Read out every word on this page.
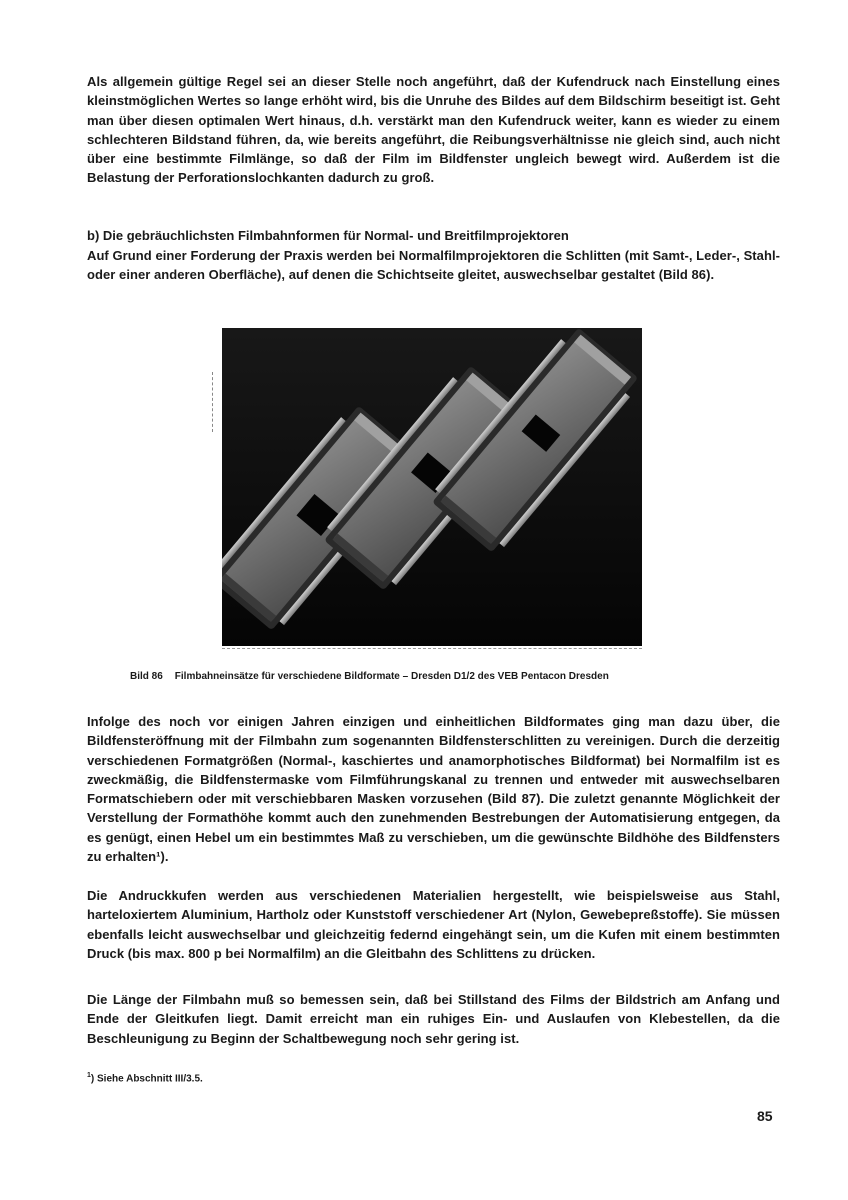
Als allgemein gültige Regel sei an dieser Stelle noch angeführt, daß der Kufendruck nach Einstellung eines kleinstmöglichen Wertes so lange erhöht wird, bis die Unruhe des Bildes auf dem Bildschirm beseitigt ist. Geht man über diesen optimalen Wert hinaus, d.h. verstärkt man den Kufendruck weiter, kann es wieder zu einem schlechteren Bildstand führen, da, wie bereits angeführt, die Reibungsverhältnisse nie gleich sind, auch nicht über eine bestimmte Filmlänge, so daß der Film im Bildfenster ungleich bewegt wird. Außerdem ist die Belastung der Perforationslochkanten dadurch zu groß.

b) Die gebräuchlichsten Filmbahnformen für Normal- und Breitfilmprojektoren

Auf Grund einer Forderung der Praxis werden bei Normalfilmprojektoren die Schlitten (mit Samt-, Leder-, Stahl- oder einer anderen Oberfläche), auf denen die Schichtseite gleitet, auswechselbar gestaltet (Bild 86).

Bild 86 Filmbahneinsätze für verschiedene Bildformate – Dresden D1/2 des VEB Pentacon Dresden

Infolge des noch vor einigen Jahren einzigen und einheitlichen Bildformates ging man dazu über, die Bildfensteröffnung mit der Filmbahn zum sogenannten Bildfensterschlitten zu vereinigen. Durch die derzeitig verschiedenen Formatgrößen (Normal-, kaschiertes und anamorphotisches Bildformat) bei Normalfilm ist es zweckmäßig, die Bildfenstermaske vom Filmführungskanal zu trennen und entweder mit auswechselbaren Formatschiebern oder mit verschiebbaren Masken vorzusehen (Bild 87). Die zuletzt genannte Möglichkeit der Verstellung der Formathöhe kommt auch den zunehmenden Bestrebungen der Automatisierung entgegen, da es genügt, einen Hebel um ein bestimmtes Maß zu verschieben, um die gewünschte Bildhöhe des Bildfensters zu erhalten¹).

Die Andruckkufen werden aus verschiedenen Materialien hergestellt, wie beispielsweise aus Stahl, harteloxiertem Aluminium, Hartholz oder Kunststoff verschiedener Art (Nylon, Gewebepreßstoffe). Sie müssen ebenfalls leicht auswechselbar und gleichzeitig federnd eingehängt sein, um die Kufen mit einem bestimmten Druck (bis max. 800 p bei Normalfilm) an die Gleitbahn des Schlittens zu drücken.

Die Länge der Filmbahn muß so bemessen sein, daß bei Stillstand des Films der Bildstrich am Anfang und Ende der Gleitkufen liegt. Damit erreicht man ein ruhiges Ein- und Auslaufen von Klebestellen, da die Beschleunigung zu Beginn der Schaltbewegung noch sehr gering ist.

$^1$) Siehe Abschnitt III/3.5.

85
